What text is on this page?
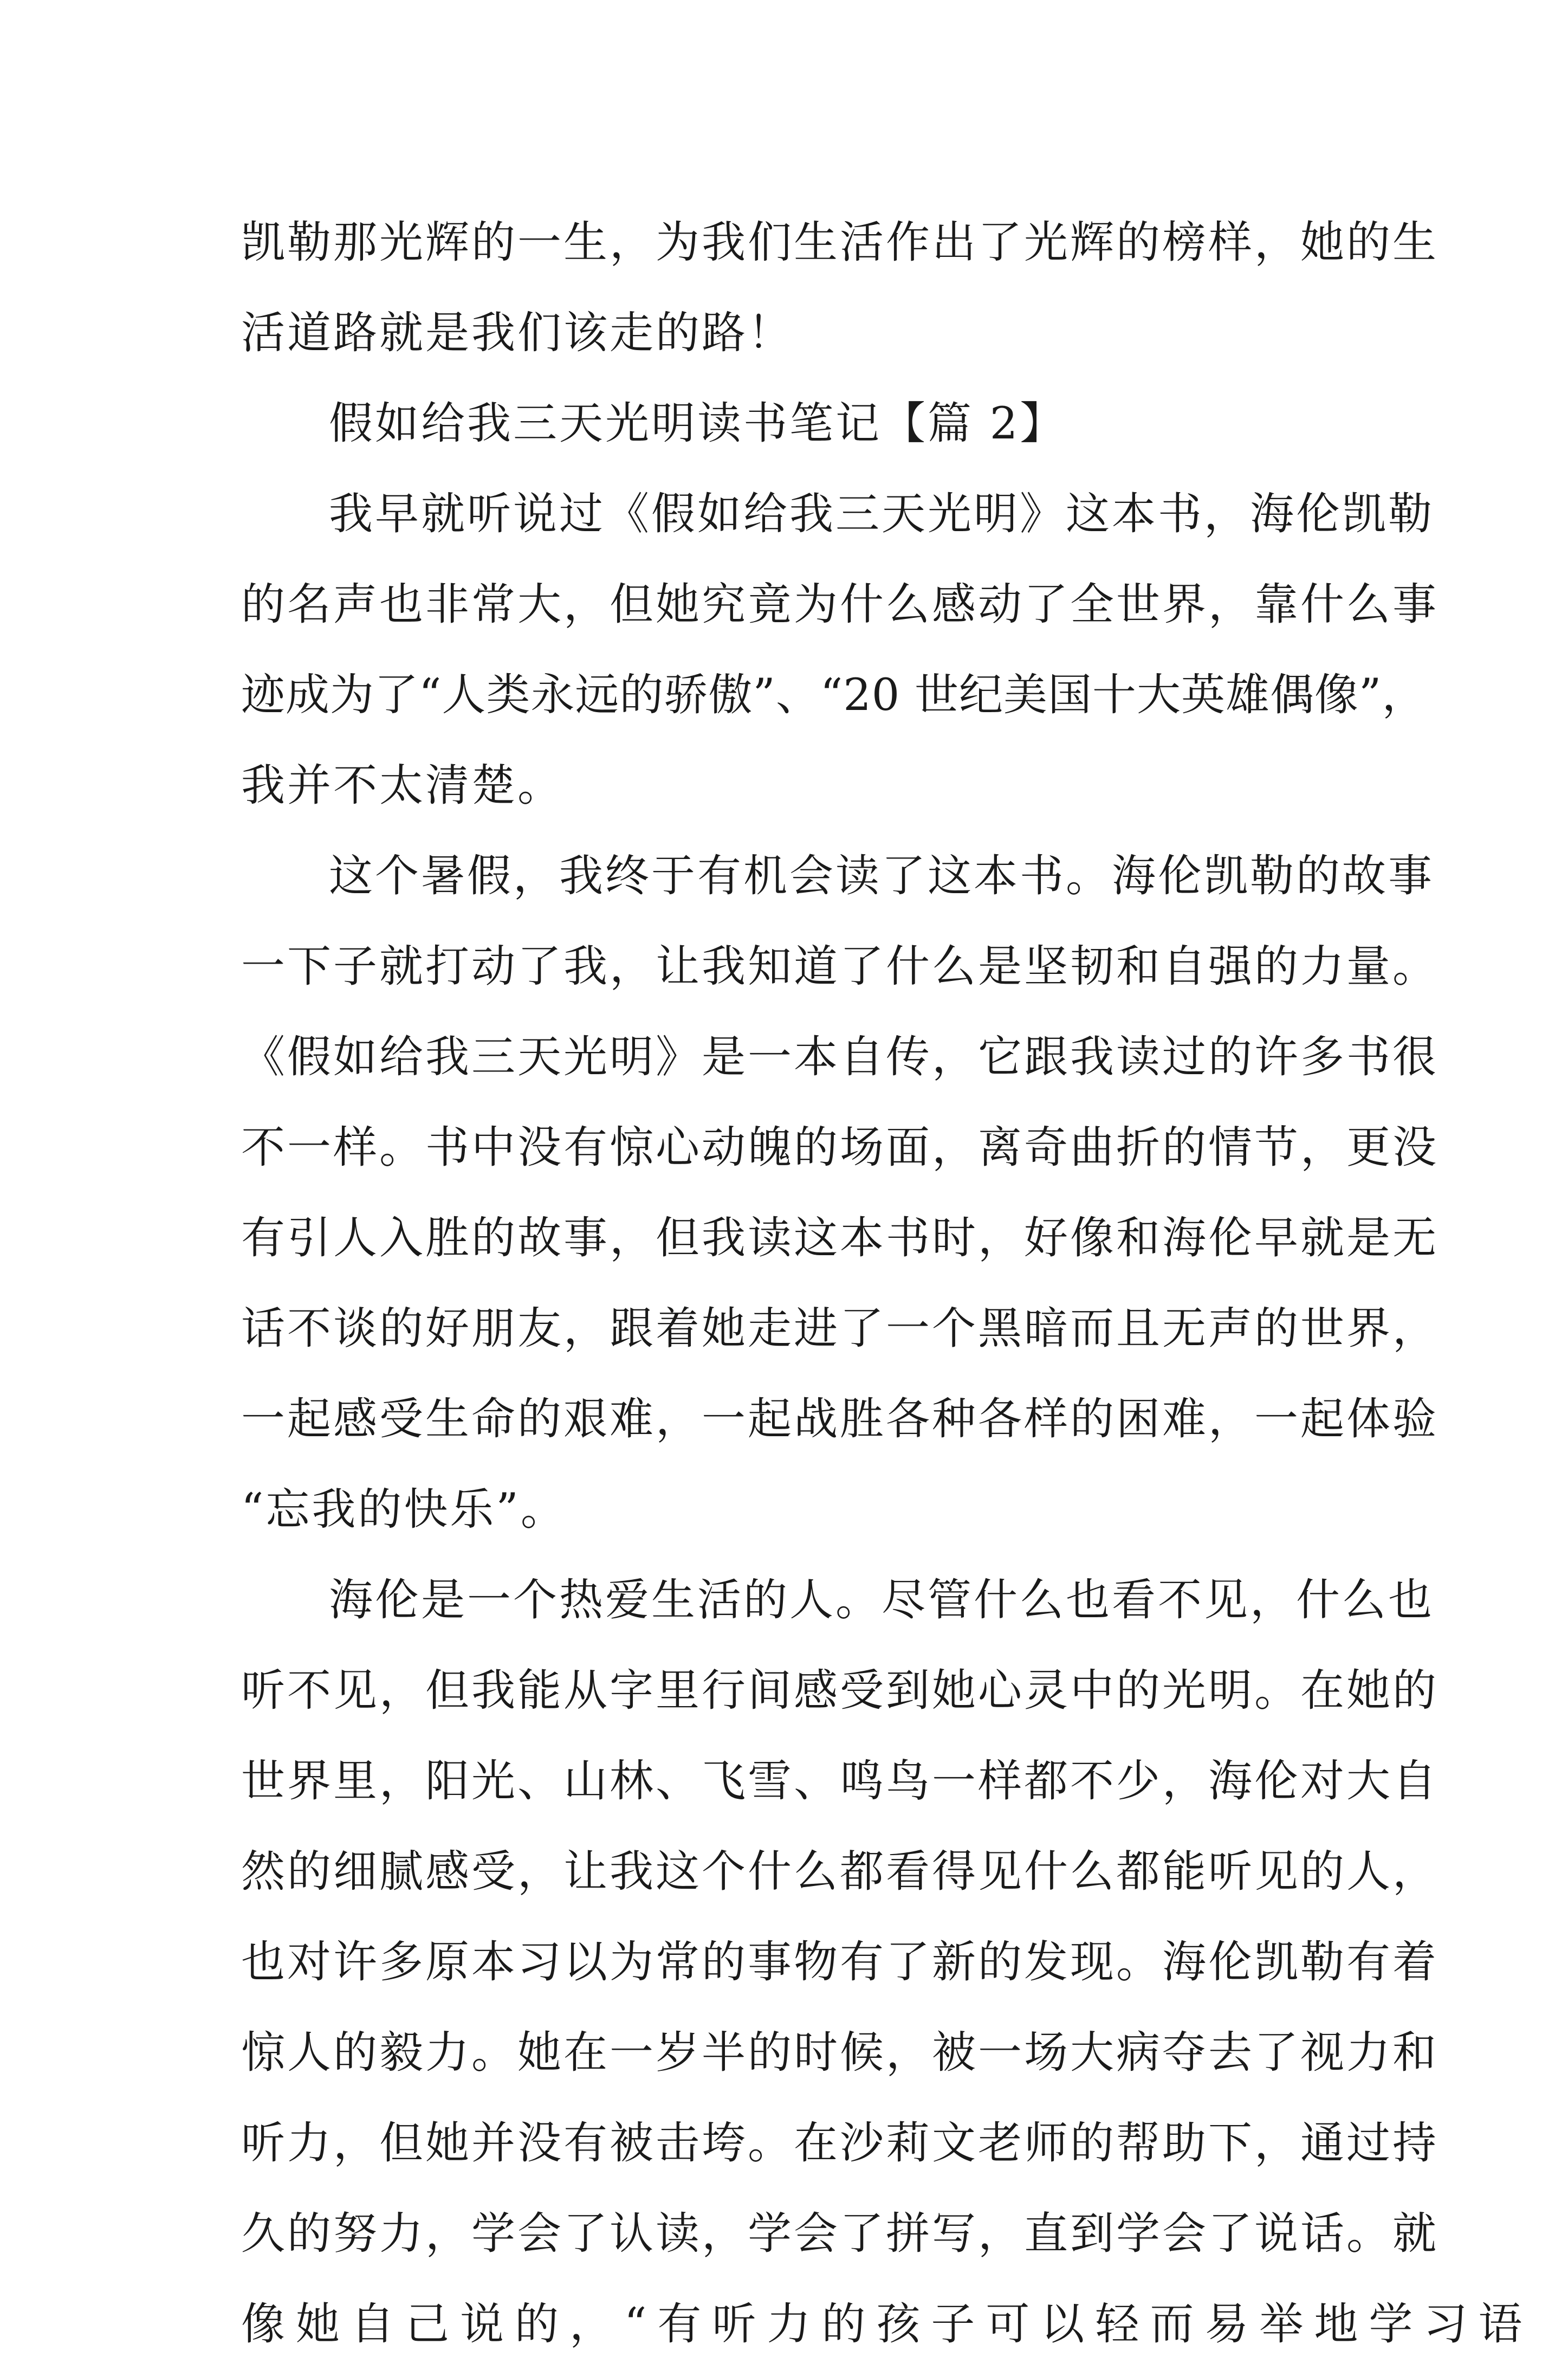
凯勒那光辉的一生，为我们生活作出了光辉的榜样，她的生
活道路就是我们该走的路！
假如给我三天光明读书笔记【篇 2】
我早就听说过《假如给我三天光明》这本书，海伦凯勒
的名声也非常大，但她究竟为什么感动了全世界，靠什么事
迹成为了“人类永远的骄傲”、“20 世纪美国十大英雄偶像”，
我并不太清楚。
这个暑假，我终于有机会读了这本书。海伦凯勒的故事
一下子就打动了我，让我知道了什么是坚韧和自强的力量。
《假如给我三天光明》是一本自传，它跟我读过的许多书很
不一样。书中没有惊心动魄的场面，离奇曲折的情节，更没
有引人入胜的故事，但我读这本书时，好像和海伦早就是无
话不谈的好朋友，跟着她走进了一个黑暗而且无声的世界，
一起感受生命的艰难，一起战胜各种各样的困难，一起体验
“忘我的快乐”。
海伦是一个热爱生活的人。尽管什么也看不见，什么也
听不见，但我能从字里行间感受到她心灵中的光明。在她的
世界里，阳光、山林、飞雪、鸣鸟一样都不少，海伦对大自
然的细腻感受，让我这个什么都看得见什么都能听见的人，
也对许多原本习以为常的事物有了新的发现。海伦凯勒有着
惊人的毅力。她在一岁半的时候，被一场大病夺去了视力和
听力，但她并没有被击垮。在沙莉文老师的帮助下，通过持
久的努力，学会了认读，学会了拼写，直到学会了说话。就
像她自己说的，“有听力的孩子可以轻而易举地学习语
